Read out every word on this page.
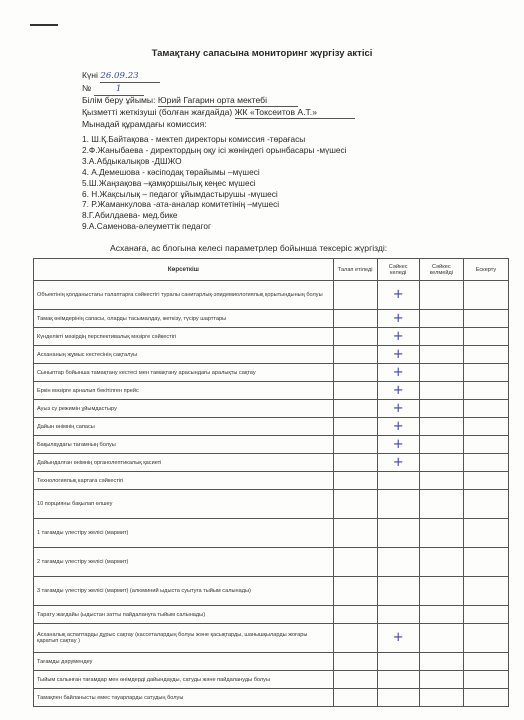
Тамақтану сапасына мониторинг жүргізу актісі
Күні 26.09.23
№	1
Білім беру ұйымы: Юрий Гагарин орта мектебі
Қызметті жеткізуші (болған жағдайда) ЖК «Токсеитов А.Т.»
Мынадай құрамдағы комиссия:
1. Ш.Қ.Байтақова - мектеп директоры комиссия -төрағасы
2.Ф.Жаныбаева - директордың оқу ісі жөніндегі орынбасары -мүшесі
3.А.Абдыкалықов -ДШЖО
4. А.Демешова - кәсіподақ төрайымы –мүшесі
5.Ш.Жаңзақова –қамқоршылық кеңес мүшесі
6. Н.Жақсылық – педагог ұйымдастырушы -мүшесі
7. Р.Жаманкулова -ата-аналар комитетінің –мүшесі
8.Г.Абилдаева- мед.бике
9.А.Саменова-әлеуметтік педагог
Асханаға, ас блогына келесі параметрлер бойынша тексеріс жүргізді:
Көрсеткіш	Талап етіледі	Сәйкес келеді	Сәйкес келмейді	Ескерту
Объектінің қолданыстағы талаптарға сәйкестігі туралы санитарлық-эпидемиологиялық қорытындының болуы		+		
Тамақ өнімдерінің сапасы, оларды тасымалдау, жеткізу, түсіру шарттары		+		
Күнделікті мәзірдің перспективалық мәзірге сәйкестігі		+		
Асхананың жұмыс кестесінің сақталуы		+		
Сыныптар бойынша тамақтану кестесі мен тамақтану арасындағы аралықты сақтау		+		
Еркін мәзірге арналып бекітілген прейс		+		
Ауыз су режимін ұйымдастыру		+		
Дайын өнімнің сапасы		+		
Бақылаудағы тағамның болуы		+		
Дайындалған өнімнің органолептикалық қасиеті		+		
Технологиялық картаға сәйкестігі				
10 порцияны бақылап өлшеу				
1 тағамды үлестіру желісі (мармит)				
2 тағамды үлестіру желісі (мармит)				
3 тағамды үлестіру желісі (мармит) (алюминий ыдыста суытуға тыйым салынады)				
Тарату жағдайы (ыдыстан затты пайдалануға тыйым салынады)				
Асханалық аспаптарды дұрыс сақтау (кассеталардың болуы және қасықтарды, шанышқыларды жоғары қаратып сақтау )		+		
Тағамды дәрумендеу				
Тыйым салынған тағамдар мен өнімдерді дайындауды, сатуды және пайдалануды болуы				
Тамақпен байланысты емес тауарларды сатудың болуы				
